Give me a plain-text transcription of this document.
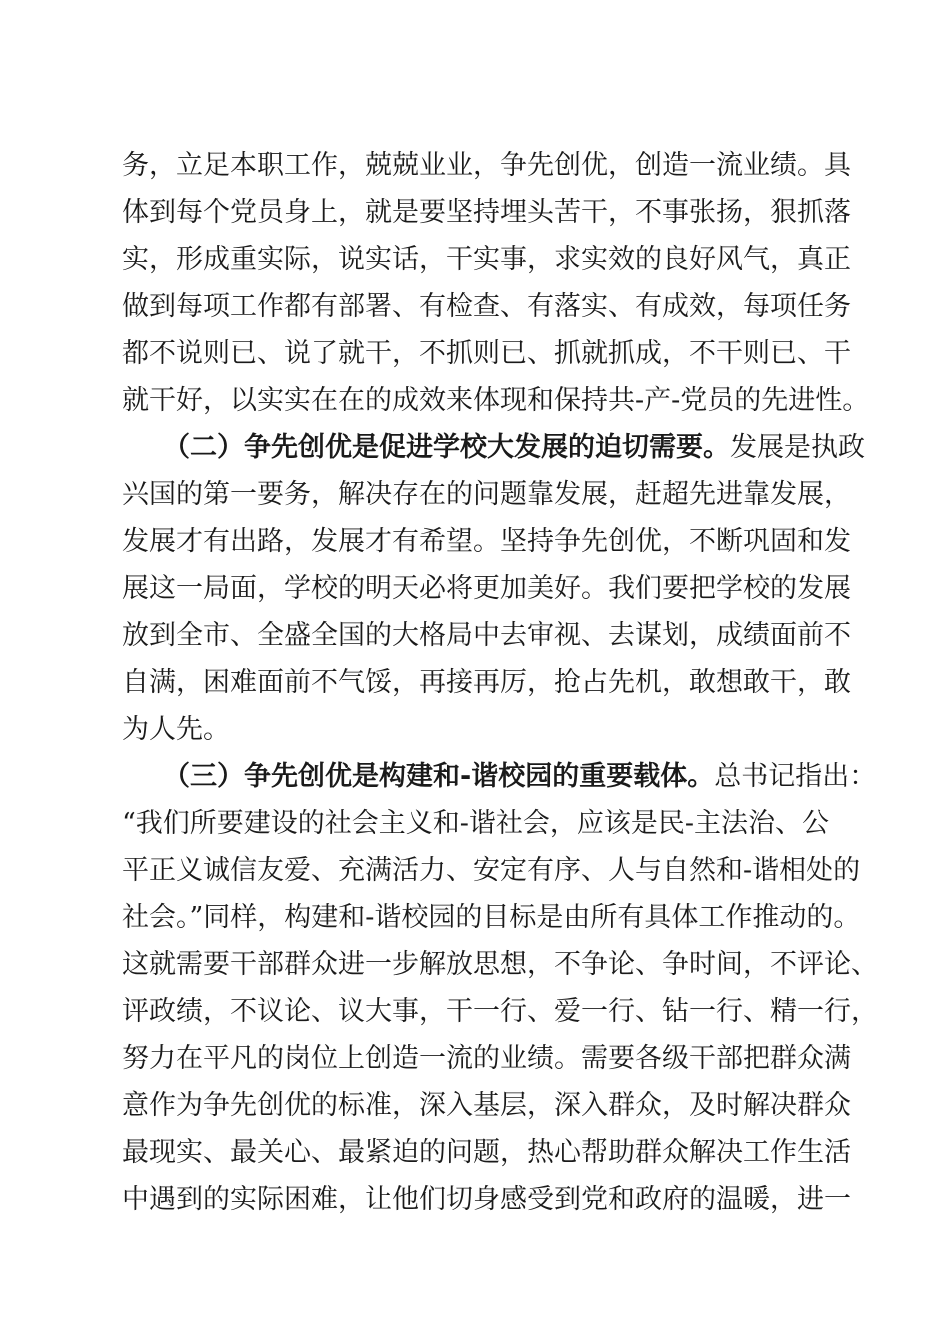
务，立足本职工作，兢兢业业，争先创优，创造一流业绩。具
体到每个党员身上，就是要坚持埋头苦干，不事张扬，狠抓落
实，形成重实际，说实话，干实事，求实效的良好风气，真正
做到每项工作都有部署、有检查、有落实、有成效，每项任务
都不说则已、说了就干，不抓则已、抓就抓成，不干则已、干
就干好，以实实在在的成效来体现和保持共-产-党员的先进性。
（二）争先创优是促进学校大发展的迫切需要。发展是执政
兴国的第一要务，解决存在的问题靠发展，赶超先进靠发展，
发展才有出路，发展才有希望。坚持争先创优，不断巩固和发
展这一局面，学校的明天必将更加美好。我们要把学校的发展
放到全市、全盛全国的大格局中去审视、去谋划，成绩面前不
自满，困难面前不气馁，再接再厉，抢占先机，敢想敢干，敢
为人先。
（三）争先创优是构建和-谐校园的重要载体。总书记指出：
“我们所要建设的社会主义和-谐社会，应该是民-主法治、公
平正义诚信友爱、充满活力、安定有序、人与自然和-谐相处的
社会。”同样，构建和-谐校园的目标是由所有具体工作推动的。
这就需要干部群众进一步解放思想，不争论、争时间，不评论、
评政绩，不议论、议大事，干一行、爱一行、钻一行、精一行，
努力在平凡的岗位上创造一流的业绩。需要各级干部把群众满
意作为争先创优的标准，深入基层，深入群众，及时解决群众
最现实、最关心、最紧迫的问题，热心帮助群众解决工作生活
中遇到的实际困难，让他们切身感受到党和政府的温暖，进一
